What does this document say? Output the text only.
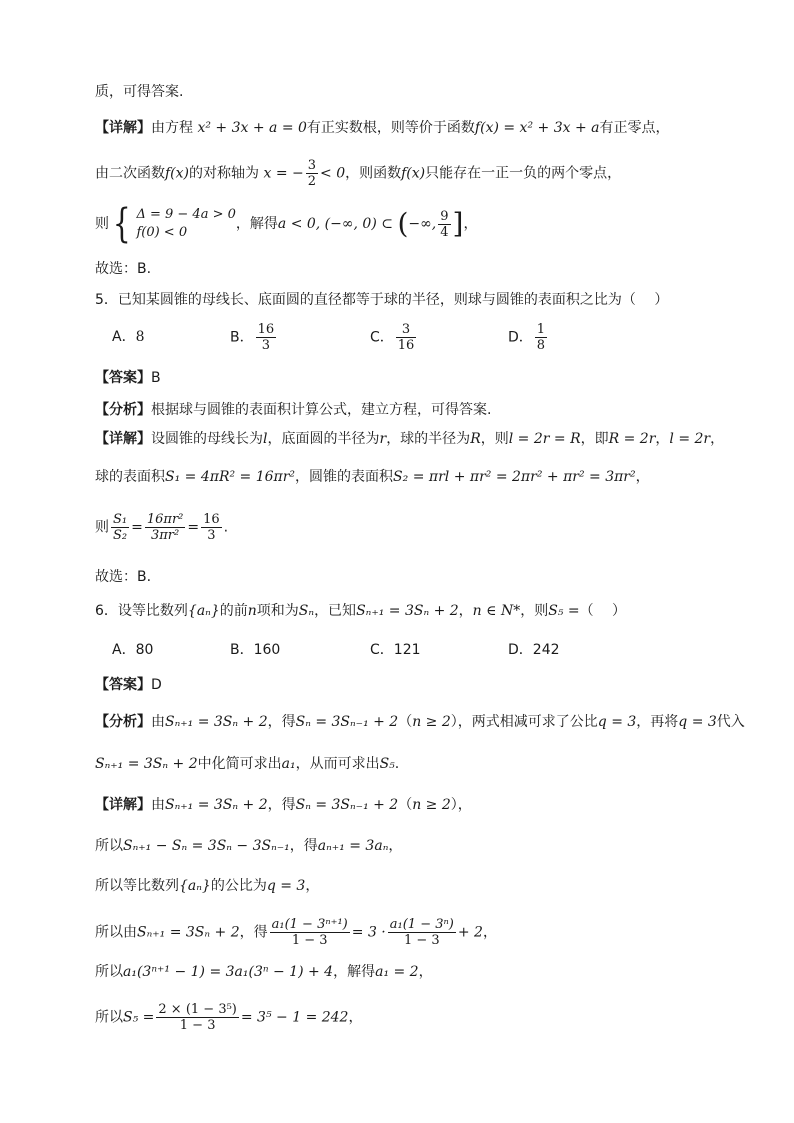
质，可得答案.
【详解】由方程 x² + 3x + a = 0有正实数根，则等价于函数f(x) = x² + 3x + a有正零点，
由二次函数f(x)的对称轴为 x = − $\frac{3}{2} < 0$，则函数f(x)只能存在一正一负的两个零点，
则 { Δ = 9 − 4a > 0
f(0) < 0
，解得a < 0, (−∞, 0) ⊂ (−∞, $\frac{9}{4}$ ]，
故选：B.
5．已知某圆锥的母线长、底面圆的直径都等于球的半径，则球与圆锥的表面积之比为（　 ）
A．8	B． $\frac{16}{3}$	C． $\frac{3}{16}$	D． $\frac{1}{8}$
【答案】B
【分析】根据球与圆锥的表面积计算公式，建立方程，可得答案.
【详解】设圆锥的母线长为l，底面圆的半径为r，球的半径为R，则l = 2r = R，即R = 2r，l = 2r，
球的表面积S₁ = 4πR² = 16πr²，圆锥的表面积S₂ = πrl + πr² = 2πr² + πr² = 3πr²，
则 $\frac{\text{S₁}}{\text{S₂}} = \frac{\text{16πr²}}{\text{3πr²}} = \frac{16}{3}$ .
故选：B.
6．设等比数列{aₙ}的前n项和为Sₙ，已知Sₙ₊₁ = 3Sₙ + 2，n ∈ N*，则S₅ =（　 ）
A．80	B．160	C．121	D．242
【答案】D
【分析】由Sₙ₊₁ = 3Sₙ + 2，得Sₙ = 3Sₙ₋₁ + 2（n ≥ 2），两式相减可求了公比q = 3，再将q = 3代入
Sₙ₊₁ = 3Sₙ + 2中化简可求出a₁，从而可求出S₅.
【详解】由Sₙ₊₁ = 3Sₙ + 2，得Sₙ = 3Sₙ₋₁ + 2（n ≥ 2），
所以Sₙ₊₁ − Sₙ = 3Sₙ − 3Sₙ₋₁，得aₙ₊₁ = 3aₙ，
所以等比数列{aₙ}的公比为q = 3，
所以由Sₙ₊₁ = 3Sₙ + 2，得 $\frac{\text{a₁(1 − 3ⁿ⁺¹)}}{1 - 3} = 3 \cdot \frac{\text{a₁(1 − 3ⁿ)}}{1 - 3} + 2$，
所以a₁(3ⁿ⁺¹ − 1) = 3a₁(3ⁿ − 1) + 4，解得a₁ = 2，
所以$S_5 = \frac{\text{2 × (1 − 3⁵)}}{1 - 3} = 3^5 - 1 = 242$，
